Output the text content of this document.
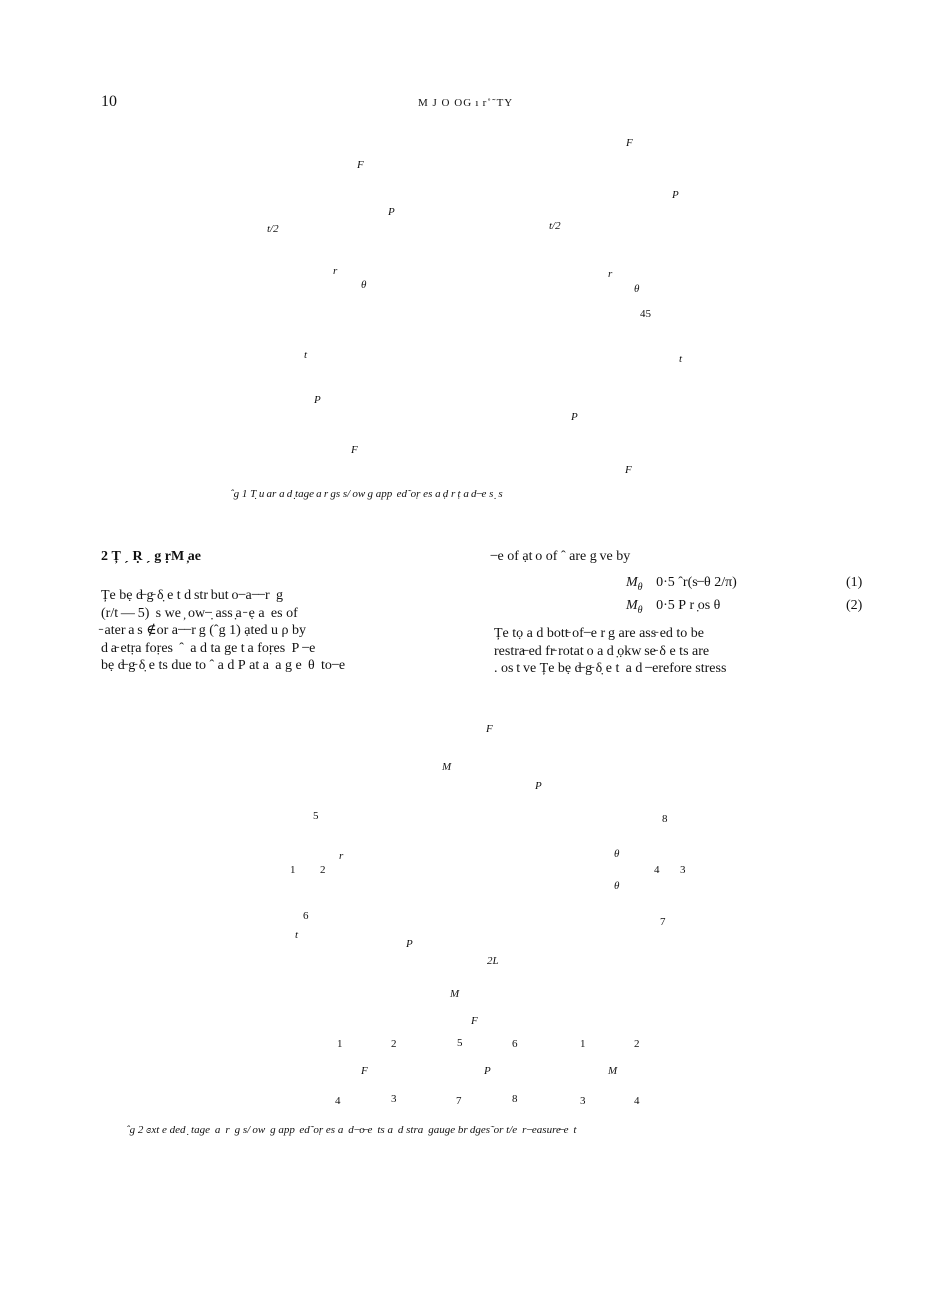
10	M J O OG ı r˚˜TY
F
P
t/2
r
θ
t
P
F
F
P
t/2
r
θ
45
t
P
F
ˆg 1 Τ̣ u ar a d ̣tage a r gs s/ ow g app  ed˜oṛ es a ḍ r ṭ a d ̶ e s ̣ s
2 Ț ˏ Ṛ ˏ g ṛM ̦ae
Țe bẹ d̶ g̵ δ̣ e t d str but o ̶ a ̶  ̶ r  g
(r/t — 5)  s we ̦ ow ̶ ̣ ass ̣a ̵ ẹ a  es of
̵ ater a s ∉or a ̶  ̶ r g (ˆg 1) ạted u ρ by
d a̵ etṛa foṛes  ˆ  a d ta ge t a foṛes  Ρ  ̶ e
bẹ d̶ g̵ δ̣ e ts due to ˆ a d Ρ at a  a g e  θ  to ̶ e
̶ e of ạt o of ˆ are g ve by
$M_\theta$ 0·5 ˆr(s ̶ θ 2/π)	(1)
$M_\theta$ 0·5 Ρ r ̣os θ	(2)
Țe tọ a d bott̵ of ̶ e r g are ass̵ ed to be
restra̶ ed fr̵ rotat o a d ̣ọkw se̵ δ e ts are
. os t ve Țe bẹ d̶ g̵ δ̣ e t  a d  ̶ erefore stress
F
M
P
5	8
r	θ
1 2	4 3
θ
6	7
t
P
2L
M
F
1	2	5	6	1	2
F	P	M
4	3	7	8	3	4
ˆg 2 ɞxt e ded ̣ tage  a  r  g s/ ow  g app  ed˜oṛ es a  d ̶ o̶ e  ts a  d stra  gauge br dges˜or t/e  r ̶ easure̶ e  t
